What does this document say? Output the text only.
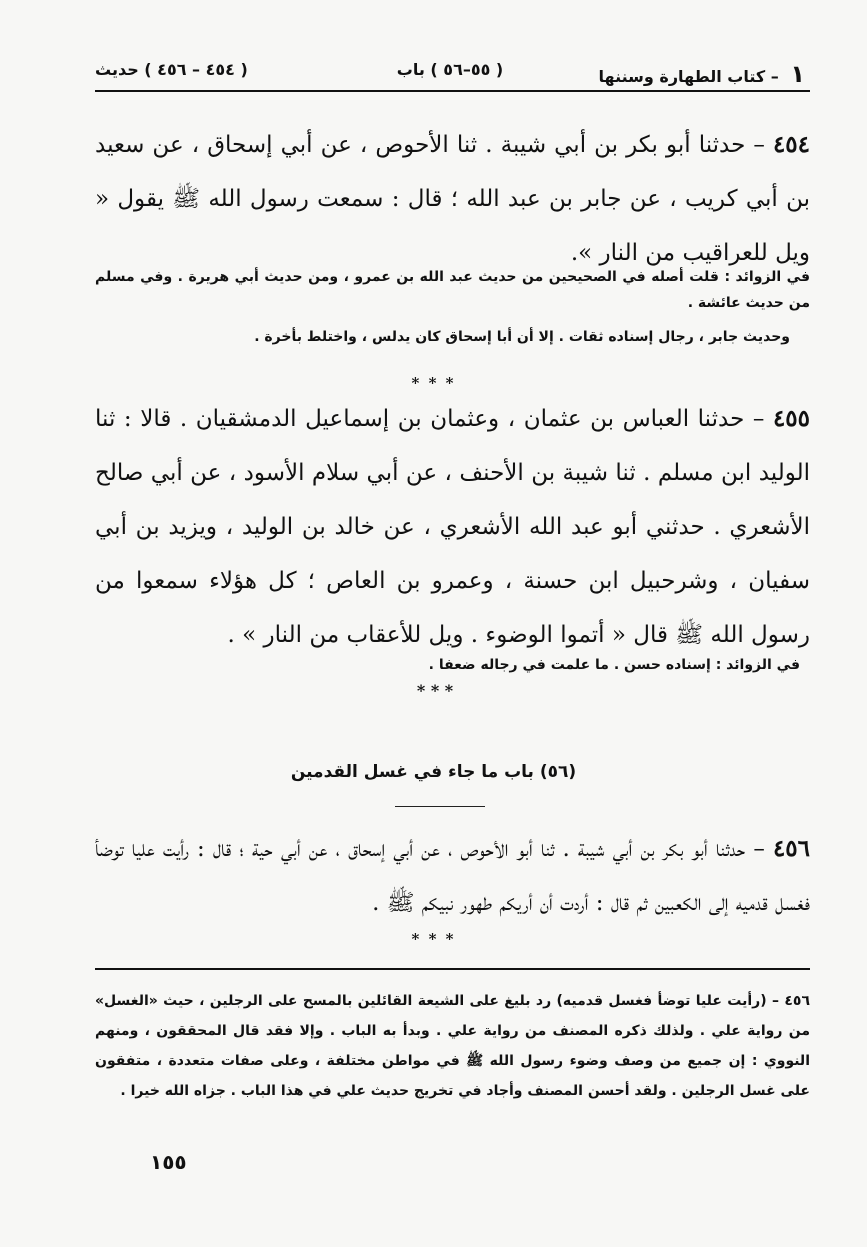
١ – كتاب الطهارة وسننها
( ٥٥–٥٦ ) باب
( ٤٥٤ – ٤٥٦ ) حديث
٤٥٤ – حدثنا أبو بكر بن أبي شيبة . ثنا الأحوص ، عن أبي إسحاق ، عن سعيد بن أبي كريب ، عن جابر بن عبد الله ؛ قال : سمعت رسول الله ﷺ يقول « ويل للعراقيب من النار ».
في الزوائد : قلت أصله في الصحيحين من حديث عبد الله بن عمرو ، ومن حديث أبي هريرة . وفي مسلم من حديث عائشة .
وحديث جابر ، رجال إسناده ثقات . إلا أن أبا إسحاق كان يدلس ، واختلط بأخرة .
* * *
٤٥٥ – حدثنا العباس بن عثمان ، وعثمان بن إسماعيل الدمشقيان . قالا : ثنا الوليد ابن مسلم . ثنا شيبة بن الأحنف ، عن أبي سلام الأسود ، عن أبي صالح الأشعري . حدثني أبو عبد الله الأشعري ، عن خالد بن الوليد ، ويزيد بن أبي سفيان ، وشرحبيل ابن حسنة ، وعمرو بن العاص ؛ كل هؤلاء سمعوا من رسول الله ﷺ قال « أتموا الوضوء . ويل للأعقاب من النار » .
في الزوائد : إسناده حسن . ما علمت في رجاله ضعفا .
* * *
(٥٦) باب ما جاء في غسل القدمين
٤٥٦ – حدثنا أبو بكر بن أبي شيبة . ثنا أبو الأحوص ، عن أبي إسحاق ، عن أبي حية ؛ قال : رأيت عليا توضأ فغسل قدميه إلى الكعبين ثم قال : أردت أن أريكم طهور نبيكم ﷺ .
* * *
٤٥٦ – (رأيت عليا توضأ فغسل قدميه) رد بليغ على الشيعة القائلين بالمسح على الرجلين ، حيث «الغسل» من رواية علي . ولذلك ذكره المصنف من رواية علي . وبدأ به الباب . وإلا فقد قال المحققون ، ومنهم النووي : إن جميع من وصف وضوء رسول الله ﷺ في مواطن مختلفة ، وعلى صفات متعددة ، متفقون على غسل الرجلين . ولقد أحسن المصنف وأجاد في تخريج حديث علي في هذا الباب . جزاه الله خيرا .
١٥٥
